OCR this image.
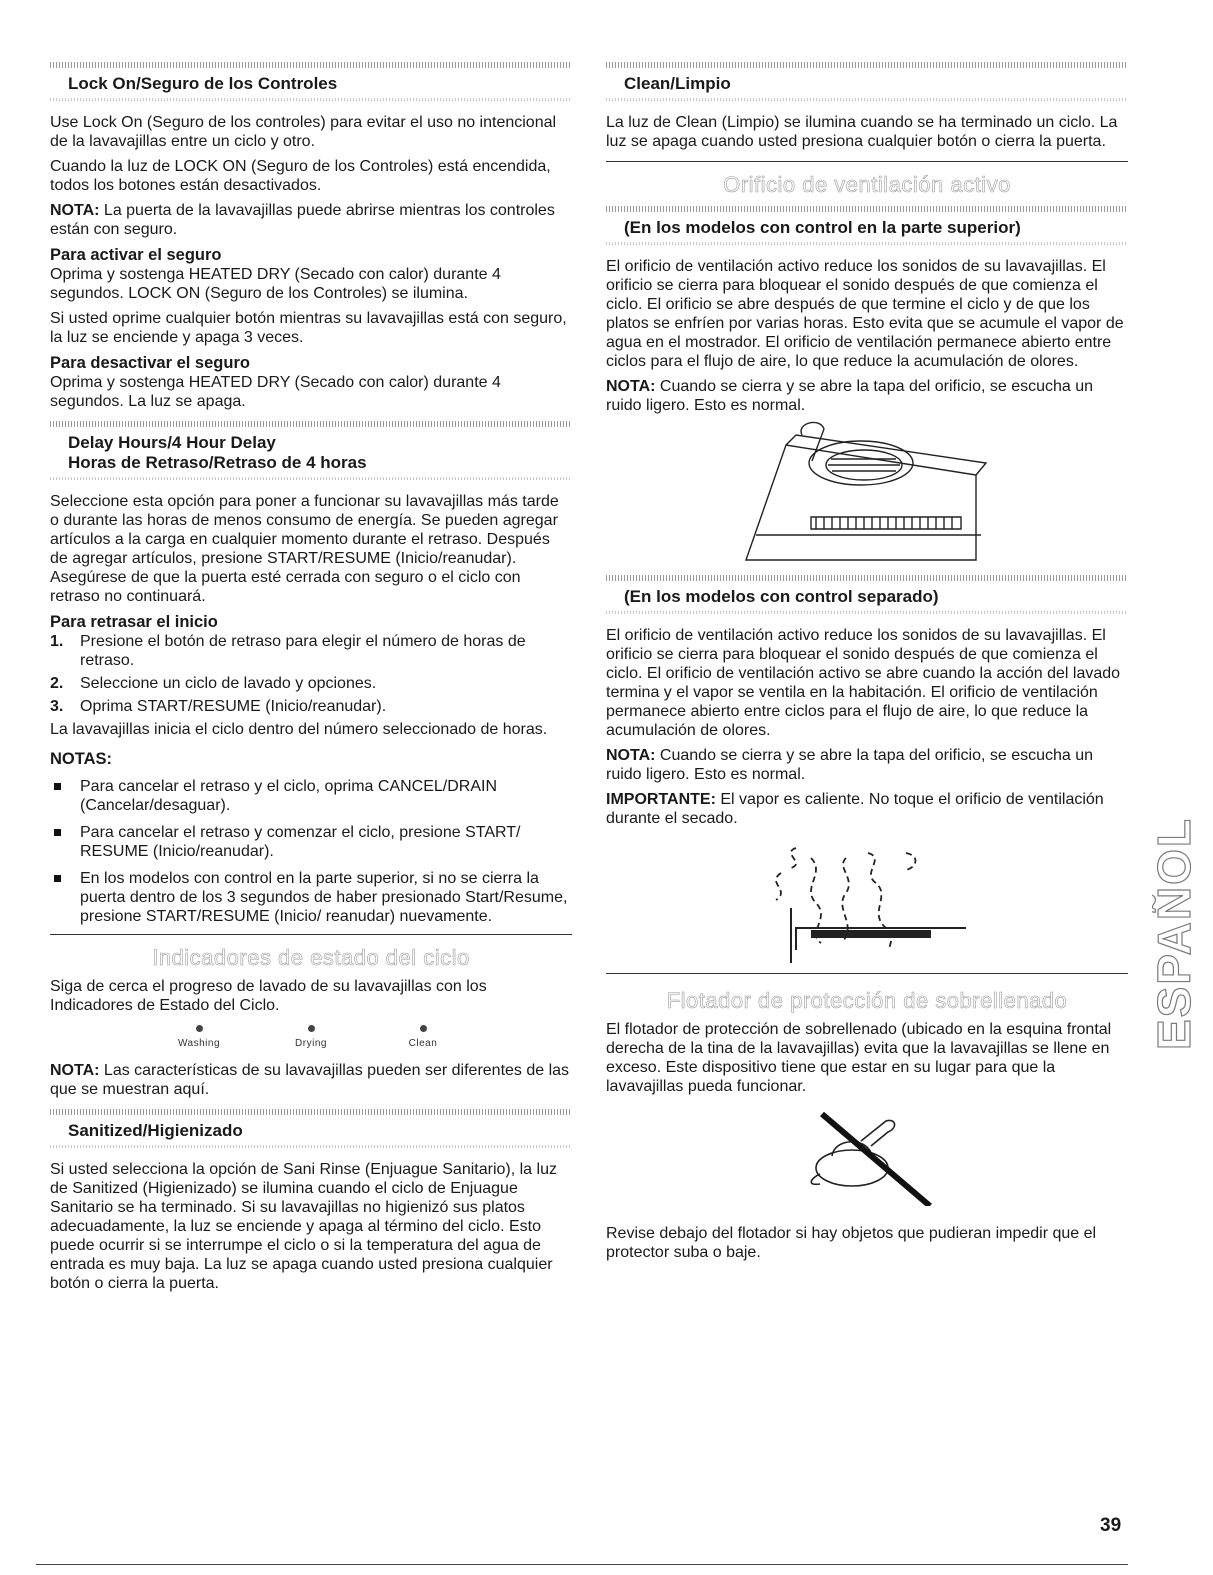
Lock On/Seguro de los Controles

Use Lock On (Seguro de los controles) para evitar el uso no intencional de la lavavajillas entre un ciclo y otro.

Cuando la luz de LOCK ON (Seguro de los Controles) está encendida, todos los botones están desactivados.

NOTA: La puerta de la lavavajillas puede abrirse mientras los controles están con seguro.

Para activar el seguro

Oprima y sostenga HEATED DRY (Secado con calor) durante 4 segundos. LOCK ON (Seguro de los Controles) se ilumina.

Si usted oprime cualquier botón mientras su lavavajillas está con seguro, la luz se enciende y apaga 3 veces.

Para desactivar el seguro

Oprima y sostenga HEATED DRY (Secado con calor) durante 4 segundos. La luz se apaga.

Delay Hours/4 Hour Delay
Horas de Retraso/Retraso de 4 horas

Seleccione esta opción para poner a funcionar su lavavajillas más tarde o durante las horas de menos consumo de energía. Se pueden agregar artículos a la carga en cualquier momento durante el retraso. Después de agregar artículos, presione START/RESUME (Inicio/reanudar). Asegúrese de que la puerta esté cerrada con seguro o el ciclo con retraso no continuará.

Para retrasar el inicio
1. Presione el botón de retraso para elegir el número de horas de retraso.
2. Seleccione un ciclo de lavado y opciones.
3. Oprima START/RESUME (Inicio/reanudar).

La lavavajillas inicia el ciclo dentro del número seleccionado de horas.

NOTAS:
Para cancelar el retraso y el ciclo, oprima CANCEL/DRAIN (Cancelar/desaguar).
Para cancelar el retraso y comenzar el ciclo, presione START/ RESUME (Inicio/reanudar).
En los modelos con control en la parte superior, si no se cierra la puerta dentro de los 3 segundos de haber presionado Start/Resume, presione START/RESUME (Inicio/ reanudar) nuevamente.
Indicadores de estado del ciclo

Siga de cerca el progreso de lavado de su lavavajillas con los Indicadores de Estado del Ciclo.

Washing	Drying	Clean

NOTA: Las características de su lavavajillas pueden ser diferentes de las que se muestran aquí.

Sanitized/Higienizado

Si usted selecciona la opción de Sani Rinse (Enjuague Sanitario), la luz de Sanitized (Higienizado) se ilumina cuando el ciclo de Enjuague Sanitario se ha terminado. Si su lavavajillas no higienizó sus platos adecuadamente, la luz se enciende y apaga al término del ciclo. Esto puede ocurrir si se interrumpe el ciclo o si la temperatura del agua de entrada es muy baja. La luz se apaga cuando usted presiona cualquier botón o cierra la puerta.

Clean/Limpio

La luz de Clean (Limpio) se ilumina cuando se ha terminado un ciclo. La luz se apaga cuando usted presiona cualquier botón o cierra la puerta.

Orificio de ventilación activo
(En los modelos con control en la parte superior)

El orificio de ventilación activo reduce los sonidos de su lavavajillas. El orificio se cierra para bloquear el sonido después de que comienza el ciclo. El orificio se abre después de que termine el ciclo y de que los platos se enfríen por varias horas. Esto evita que se acumule el vapor de agua en el mostrador. El orificio de ventilación permanece abierto entre ciclos para el flujo de aire, lo que reduce la acumulación de olores.

NOTA: Cuando se cierra y se abre la tapa del orificio, se escucha un ruido ligero. Esto es normal.

(En los modelos con control separado)

El orificio de ventilación activo reduce los sonidos de su lavavajillas. El orificio se cierra para bloquear el sonido después de que comienza el ciclo. El orificio de ventilación activo se abre cuando la acción del lavado termina y el vapor se ventila en la habitación. El orificio de ventilación permanece abierto entre ciclos para el flujo de aire, lo que reduce la acumulación de olores.

NOTA: Cuando se cierra y se abre la tapa del orificio, se escucha un ruido ligero. Esto es normal.

IMPORTANTE: El vapor es caliente. No toque el orificio de ventilación durante el secado.

Flotador de protección de sobrellenado

El flotador de protección de sobrellenado (ubicado en la esquina frontal derecha de la tina de la lavavajillas) evita que la lavavajillas se llene en exceso. Este dispositivo tiene que estar en su lugar para que la lavavajillas pueda funcionar.

Revise debajo del flotador si hay objetos que pudieran impedir que el protector suba o baje.

ESPAÑOL
39
